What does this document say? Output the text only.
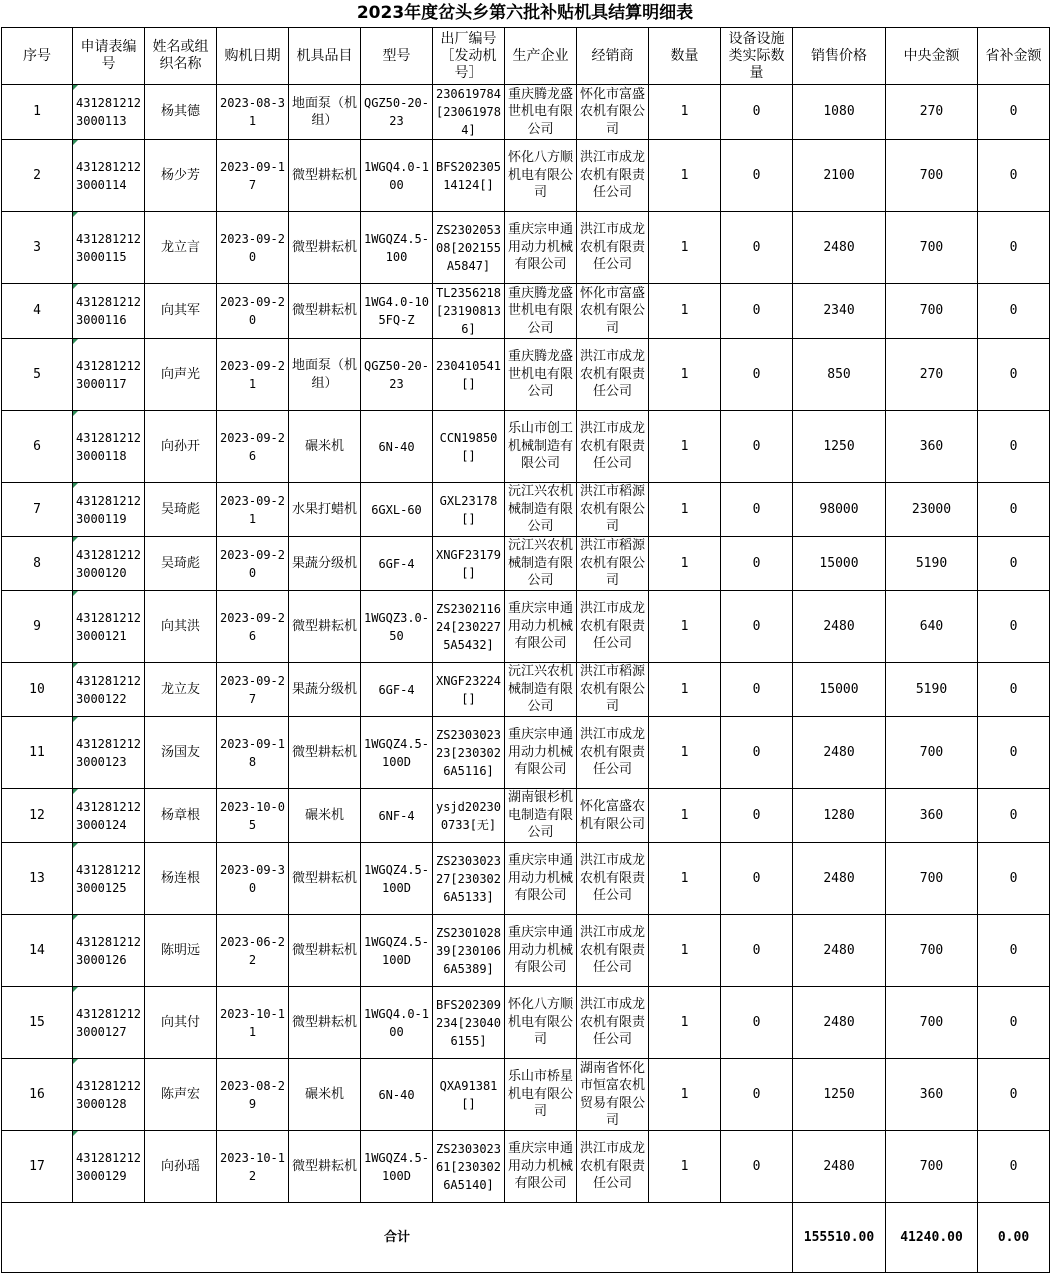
2023年度岔头乡第六批补贴机具结算明细表
序号	申请表编号	姓名或组织名称	购机日期	机具品目	型号	出厂编号［发动机号］	生产企业	经销商	数量	设备设施类实际数量	销售价格	中央金额	省补金额
1	4312812123000113	杨其德	2023-08-31	地面泵（机组）	QGZ50-20-23	230619784[230619784]	重庆腾龙盛世机电有限公司	怀化市富盛农机有限公司	1	0	1080	270	0
2	4312812123000114	杨少芳	2023-09-17	微型耕耘机	1WGQ4.0-100	BFS20230514124[]	怀化八方顺机电有限公司	洪江市成龙农机有限责任公司	1	0	2100	700	0
3	4312812123000115	龙立言	2023-09-20	微型耕耘机	1WGQZ4.5-100	ZS230205308[202155A5847]	重庆宗申通用动力机械有限公司	洪江市成龙农机有限责任公司	1	0	2480	700	0
4	4312812123000116	向其军	2023-09-20	微型耕耘机	1WG4.0-105FQ-Z	TL2356218[231908136]	重庆腾龙盛世机电有限公司	怀化市富盛农机有限公司	1	0	2340	700	0
5	4312812123000117	向声光	2023-09-21	地面泵（机组）	QGZ50-20-23	230410541[]	重庆腾龙盛世机电有限公司	洪江市成龙农机有限责任公司	1	0	850	270	0
6	4312812123000118	向孙开	2023-09-26	碾米机	6N-40	CCN19850[]	乐山市创工机械制造有限公司	洪江市成龙农机有限责任公司	1	0	1250	360	0
7	4312812123000119	吴琦彪	2023-09-21	水果打蜡机	6GXL-60	GXL23178[]	沅江兴农机械制造有限公司	洪江市稻源农机有限公司	1	0	98000	23000	0
8	4312812123000120	吴琦彪	2023-09-20	果蔬分级机	6GF-4	XNGF23179[]	沅江兴农机械制造有限公司	洪江市稻源农机有限公司	1	0	15000	5190	0
9	4312812123000121	向其洪	2023-09-26	微型耕耘机	1WGQZ3.0-50	ZS230211624[2302275A5432]	重庆宗申通用动力机械有限公司	洪江市成龙农机有限责任公司	1	0	2480	640	0
10	4312812123000122	龙立友	2023-09-27	果蔬分级机	6GF-4	XNGF23224[]	沅江兴农机械制造有限公司	洪江市稻源农机有限公司	1	0	15000	5190	0
11	4312812123000123	汤国友	2023-09-18	微型耕耘机	1WGQZ4.5-100D	ZS230302323[2303026A5116]	重庆宗申通用动力机械有限公司	洪江市成龙农机有限责任公司	1	0	2480	700	0
12	4312812123000124	杨章根	2023-10-05	碾米机	6NF-4	ysjd202300733[无]	湖南银杉机电制造有限公司	怀化富盛农机有限公司	1	0	1280	360	0
13	4312812123000125	杨连根	2023-09-30	微型耕耘机	1WGQZ4.5-100D	ZS230302327[2303026A5133]	重庆宗申通用动力机械有限公司	洪江市成龙农机有限责任公司	1	0	2480	700	0
14	4312812123000126	陈明远	2023-06-22	微型耕耘机	1WGQZ4.5-100D	ZS230102839[2301066A5389]	重庆宗申通用动力机械有限公司	洪江市成龙农机有限责任公司	1	0	2480	700	0
15	4312812123000127	向其付	2023-10-11	微型耕耘机	1WGQ4.0-100	BFS202309234[230406155]	怀化八方顺机电有限公司	洪江市成龙农机有限责任公司	1	0	2480	700	0
16	4312812123000128	陈声宏	2023-08-29	碾米机	6N-40	QXA91381[]	乐山市桥星机电有限公司	湖南省怀化市恒富农机贸易有限公司	1	0	1250	360	0
17	4312812123000129	向孙瑶	2023-10-12	微型耕耘机	1WGQZ4.5-100D	ZS230302361[2303026A5140]	重庆宗申通用动力机械有限公司	洪江市成龙农机有限责任公司	1	0	2480	700	0
合计											155510.00	41240.00	0.00
